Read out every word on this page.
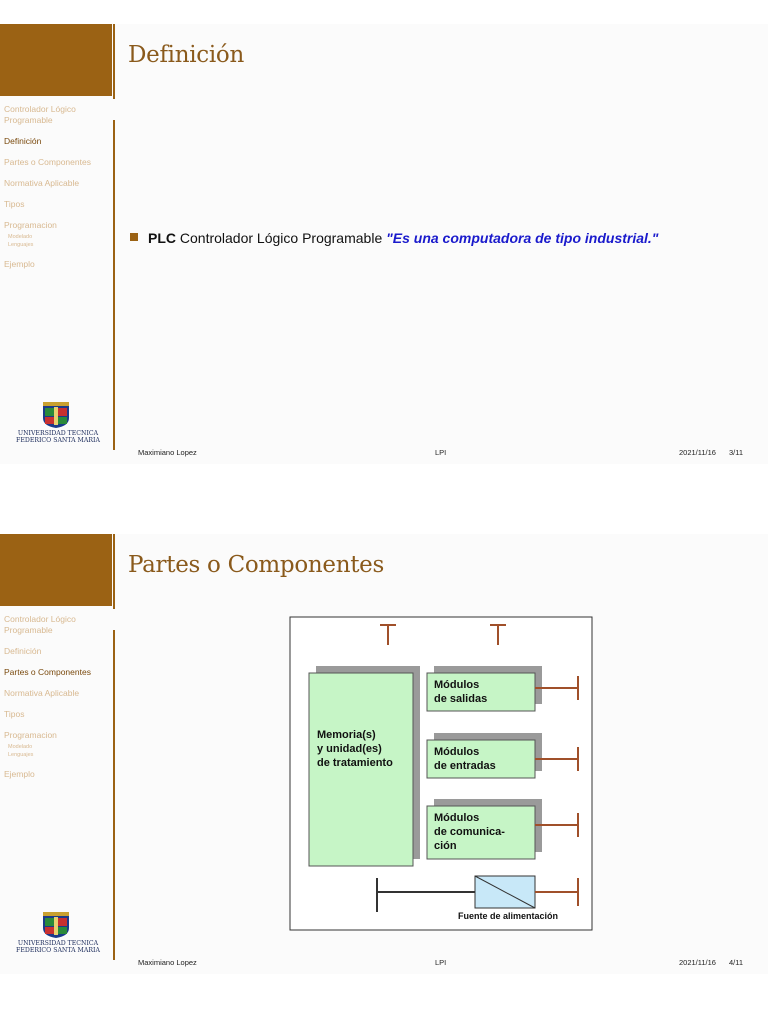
Definición
Controlador Lógico Programable
Definición
Partes o Componentes
Normativa Aplicable
Tipos
Programacion
Modelado
Lenguajes
Ejemplo
UNIVERSIDAD TECNICA
FEDERICO SANTA MARIA
PLC Controlador Lógico Programable "Es una computadora de tipo industrial."
Maximiano Lopez	LPI	2021/11/16 3/11
Partes o Componentes
Controlador Lógico Programable
Definición
Partes o Componentes
Normativa Aplicable
Tipos
Programacion
Modelado
Lenguajes
Ejemplo
UNIVERSIDAD TECNICA
FEDERICO SANTA MARIA
Memoria(s) y unidad(es) de tratamiento
Módulos de salidas
Módulos de entradas
Módulos de comunica- ción
Fuente de alimentación
Maximiano Lopez	LPI	2021/11/16 4/11
